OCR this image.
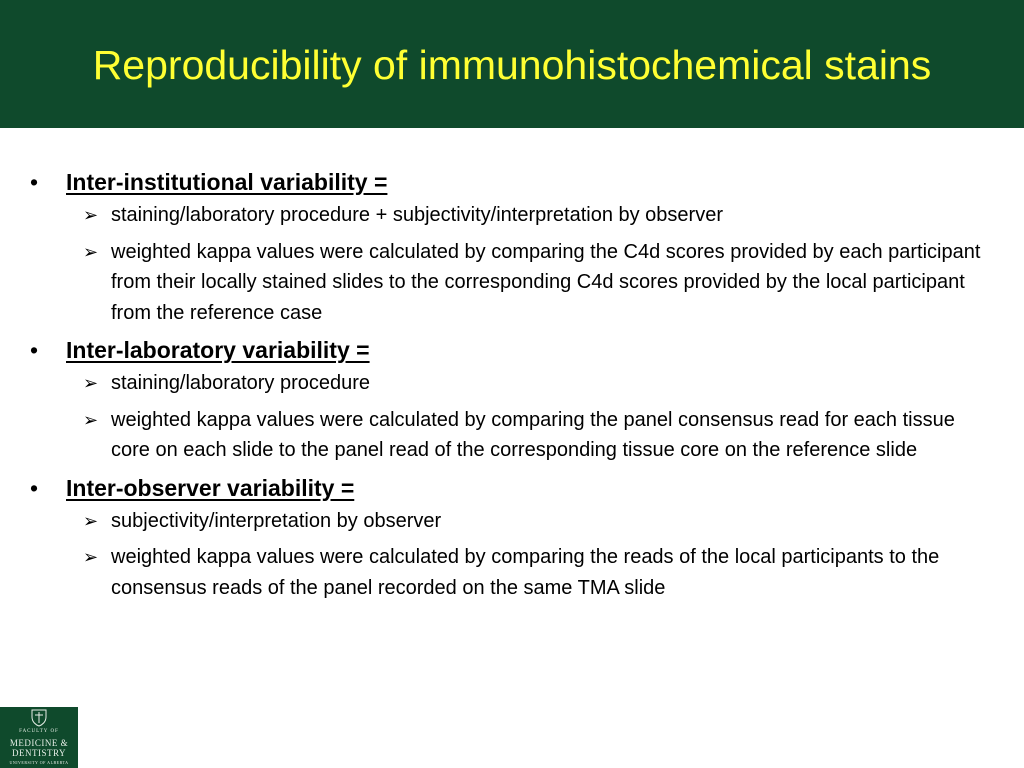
Reproducibility of immunohistochemical stains
• Inter-institutional variability =
➢ staining/laboratory procedure + subjectivity/interpretation by observer
➢ weighted kappa values were calculated by comparing the C4d scores provided by each participant from their locally stained slides to the corresponding C4d scores provided by the local participant from the reference case
• Inter-laboratory variability =
➢ staining/laboratory procedure
➢ weighted kappa values were calculated by comparing the panel consensus read for each tissue core on each slide to the panel read of the corresponding tissue core on the reference slide
• Inter-observer variability =
➢ subjectivity/interpretation by observer
➢ weighted kappa values were calculated by comparing the reads of the local participants to the consensus reads of the panel recorded on the same TMA slide
FACULTY OF
MEDICINE &
DENTISTRY
UNIVERSITY OF ALBERTA
